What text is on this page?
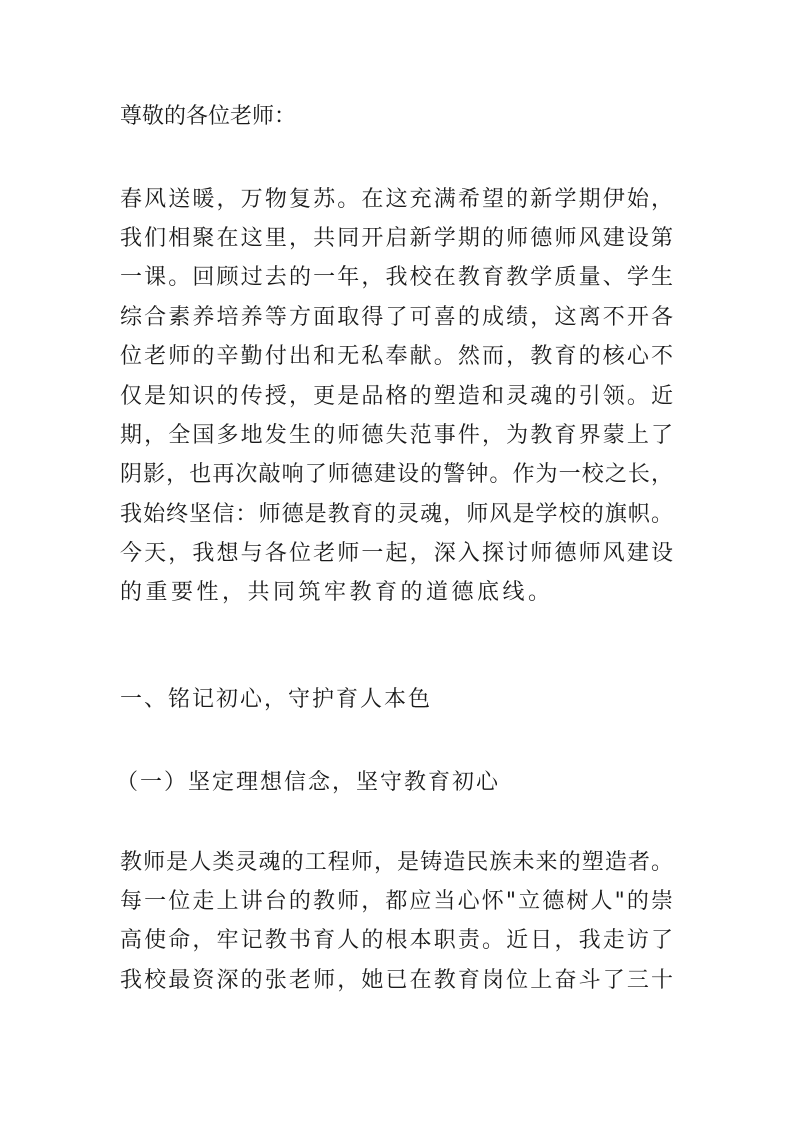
尊敬的各位老师：
春风送暖，万物复苏。在这充满希望的新学期伊始，
我们相聚在这里，共同开启新学期的师德师风建设第
一课。回顾过去的一年，我校在教育教学质量、学生
综合素养培养等方面取得了可喜的成绩，这离不开各
位老师的辛勤付出和无私奉献。然而，教育的核心不
仅是知识的传授，更是品格的塑造和灵魂的引领。近
期，全国多地发生的师德失范事件，为教育界蒙上了
阴影，也再次敲响了师德建设的警钟。作为一校之长，
我始终坚信：师德是教育的灵魂，师风是学校的旗帜。
今天，我想与各位老师一起，深入探讨师德师风建设
的重要性，共同筑牢教育的道德底线。
一、铭记初心，守护育人本色
（一）坚定理想信念，坚守教育初心
教师是人类灵魂的工程师，是铸造民族未来的塑造者。
每一位走上讲台的教师，都应当心怀"立德树人"的崇
高使命，牢记教书育人的根本职责。近日，我走访了
我校最资深的张老师，她已在教育岗位上奋斗了三十
